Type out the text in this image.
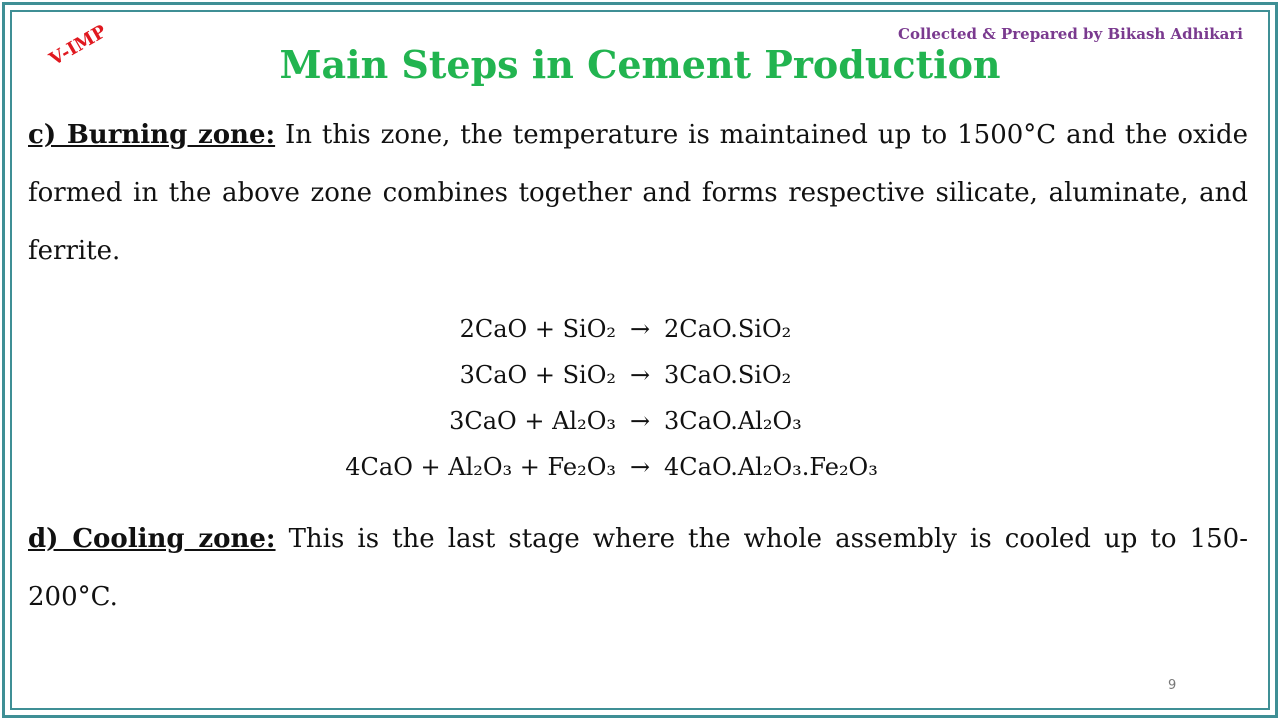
Collected & Prepared by Bikash Adhikari
V-IMP	Main Steps in Cement Production
c) Burning zone: In this zone, the temperature is maintained up to 1500°C and the oxide formed in the above zone combines together and forms respective silicate, aluminate, and ferrite.
2CaO + SiO₂ → 2CaO.SiO₂
3CaO + SiO₂ → 3CaO.SiO₂
3CaO + Al₂O₃ → 3CaO.Al₂O₃
4CaO + Al₂O₃ + Fe₂O₃ → 4CaO.Al₂O₃.Fe₂O₃
d) Cooling zone: This is the last stage where the whole assembly is cooled up to 150-200°C.
9
